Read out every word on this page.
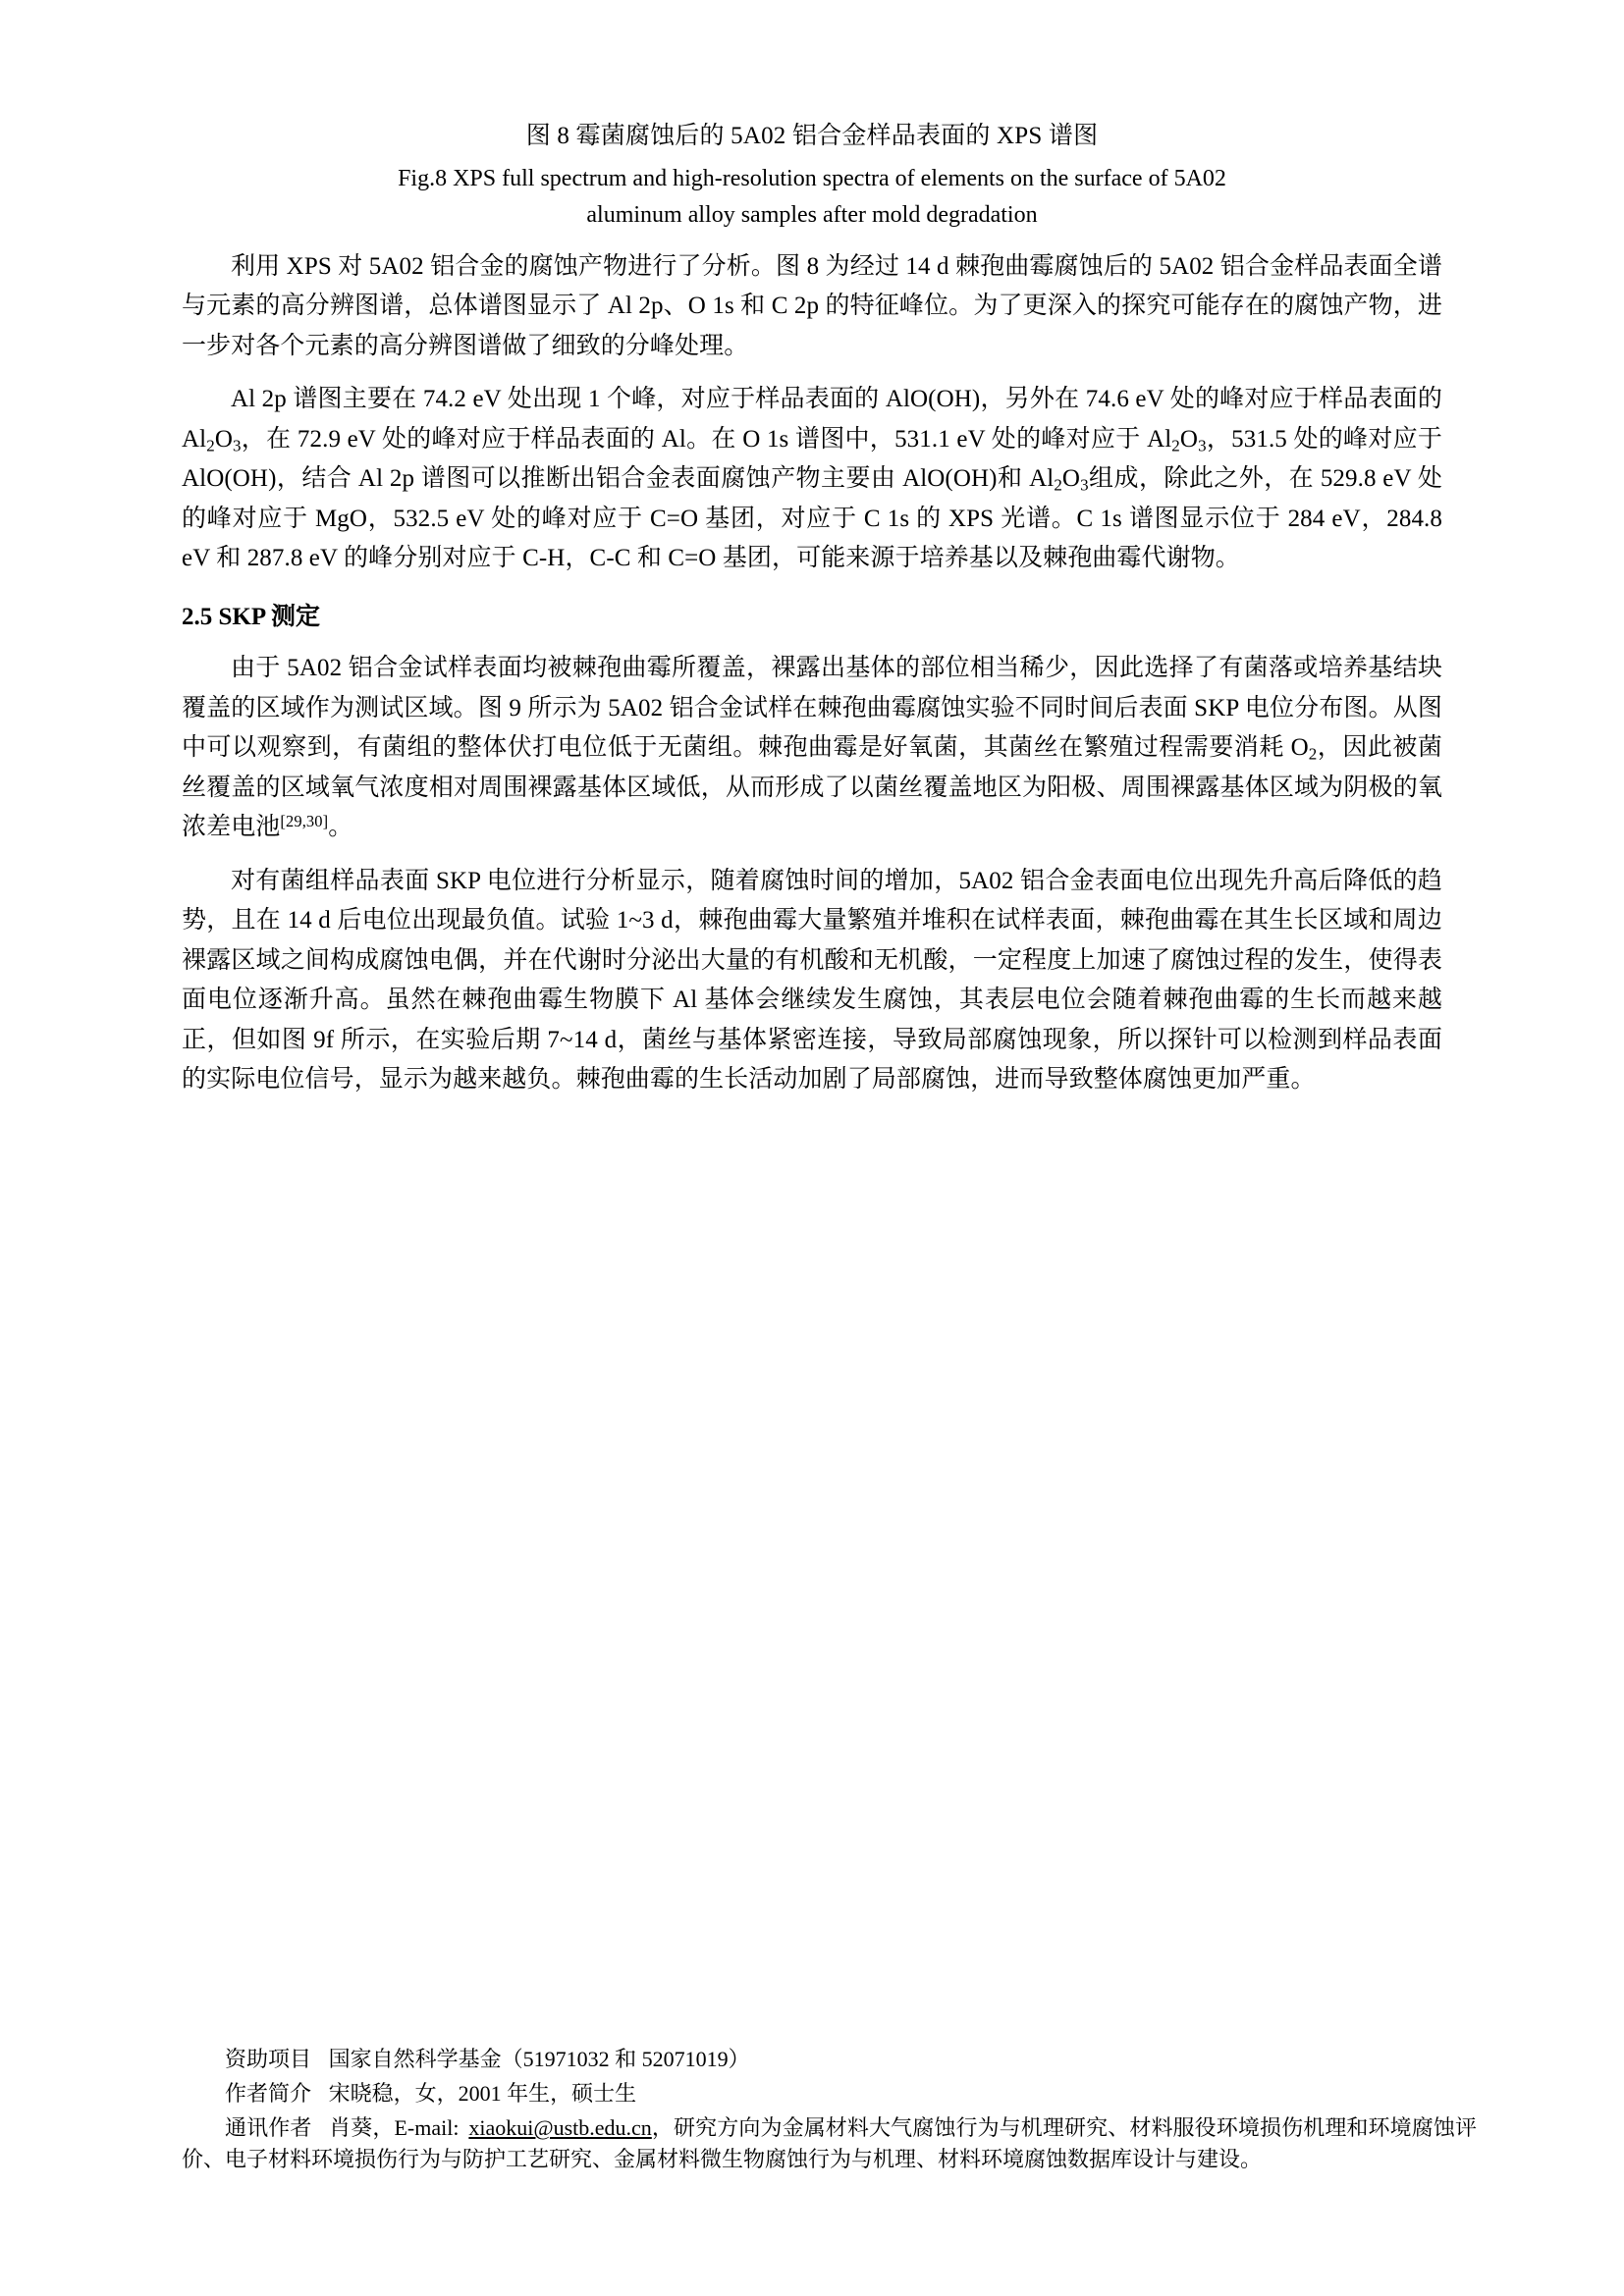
图 8 霉菌腐蚀后的 5A02 铝合金样品表面的 XPS 谱图
Fig.8 XPS full spectrum and high-resolution spectra of elements on the surface of 5A02
aluminum alloy samples after mold degradation

利用 XPS 对 5A02 铝合金的腐蚀产物进行了分析。图 8 为经过 14 d 棘孢曲霉腐蚀后的 5A02 铝合金样品表面全谱与元素的高分辨图谱，总体谱图显示了 Al 2p、O 1s 和 C 2p 的特征峰位。为了更深入的探究可能存在的腐蚀产物，进一步对各个元素的高分辨图谱做了细致的分峰处理。

Al 2p 谱图主要在 74.2 eV 处出现 1 个峰，对应于样品表面的 AlO(OH)，另外在 74.6 eV 处的峰对应于样品表面的 Al2O3，在 72.9 eV 处的峰对应于样品表面的 Al。在 O 1s 谱图中，531.1 eV 处的峰对应于 Al2O3，531.5 处的峰对应于 AlO(OH)，结合 Al 2p 谱图可以推断出铝合金表面腐蚀产物主要由 AlO(OH)和 Al2O3组成，除此之外，在 529.8 eV 处的峰对应于 MgO，532.5 eV 处的峰对应于 C=O 基团，对应于 C 1s 的 XPS 光谱。C 1s 谱图显示位于 284 eV，284.8 eV 和 287.8 eV 的峰分别对应于 C-H，C-C 和 C=O 基团，可能来源于培养基以及棘孢曲霉代谢物。

2.5 SKP 测定

由于 5A02 铝合金试样表面均被棘孢曲霉所覆盖，裸露出基体的部位相当稀少，因此选择了有菌落或培养基结块覆盖的区域作为测试区域。图 9 所示为 5A02 铝合金试样在棘孢曲霉腐蚀实验不同时间后表面 SKP 电位分布图。从图中可以观察到，有菌组的整体伏打电位低于无菌组。棘孢曲霉是好氧菌，其菌丝在繁殖过程需要消耗 O2，因此被菌丝覆盖的区域氧气浓度相对周围裸露基体区域低，从而形成了以菌丝覆盖地区为阳极、周围裸露基体区域为阴极的氧浓差电池[29,30]。

对有菌组样品表面 SKP 电位进行分析显示，随着腐蚀时间的增加，5A02 铝合金表面电位出现先升高后降低的趋势，且在 14 d 后电位出现最负值。试验 1~3 d，棘孢曲霉大量繁殖并堆积在试样表面，棘孢曲霉在其生长区域和周边裸露区域之间构成腐蚀电偶，并在代谢时分泌出大量的有机酸和无机酸，一定程度上加速了腐蚀过程的发生，使得表面电位逐渐升高。虽然在棘孢曲霉生物膜下 Al 基体会继续发生腐蚀，其表层电位会随着棘孢曲霉的生长而越来越正，但如图 9f 所示，在实验后期 7~14 d，菌丝与基体紧密连接，导致局部腐蚀现象，所以探针可以检测到样品表面的实际电位信号，显示为越来越负。棘孢曲霉的生长活动加剧了局部腐蚀，进而导致整体腐蚀更加严重。

资助项目 国家自然科学基金（51971032 和 52071019）
作者简介 宋晓稳，女，2001 年生，硕士生
通讯作者 肖葵，E-mail: xiaokui@ustb.edu.cn，研究方向为金属材料大气腐蚀行为与机理研究、材料服役环境损伤机理和环境腐蚀评价、电子材料环境损伤行为与防护工艺研究、金属材料微生物腐蚀行为与机理、材料环境腐蚀数据库设计与建设。
